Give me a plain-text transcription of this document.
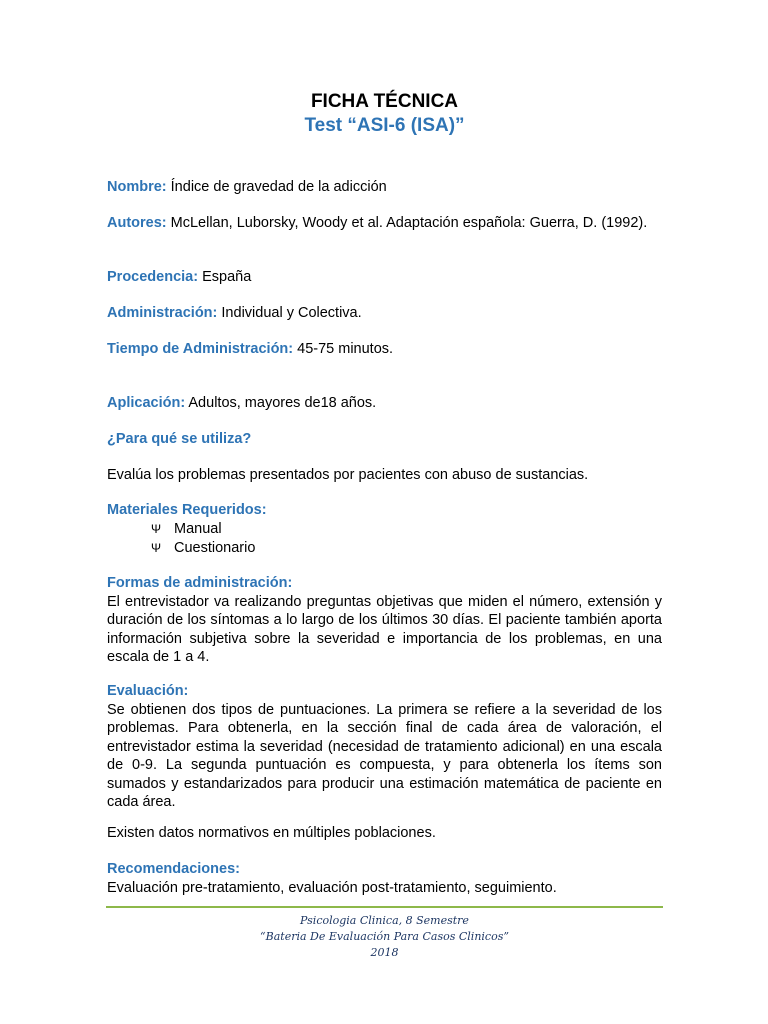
FICHA TÉCNICA
Test “ASI-6 (ISA)”
Nombre: Índice de gravedad de la adicción
Autores: McLellan, Luborsky, Woody et al. Adaptación española: Guerra, D. (1992).
Procedencia: España
Administración: Individual y Colectiva.
Tiempo de Administración: 45-75 minutos.
Aplicación: Adultos, mayores de18 años.
¿Para qué se utiliza?
Evalúa los problemas presentados por pacientes con abuso de sustancias.
Materiales Requeridos:
Ψ Manual
Ψ Cuestionario
Formas de administración:
El entrevistador va realizando preguntas objetivas que miden el número, extensión y duración de los síntomas a lo largo de los últimos 30 días. El paciente también aporta información subjetiva sobre la severidad e importancia de los problemas, en una escala de 1 a 4.
Evaluación:
Se obtienen dos tipos de puntuaciones. La primera se refiere a la severidad de los problemas. Para obtenerla, en la sección final de cada área de valoración, el entrevistador estima la severidad (necesidad de tratamiento adicional) en una escala de 0-9. La segunda puntuación es compuesta, y para obtenerla los ítems son sumados y estandarizados para producir una estimación matemática de paciente en cada área.
Existen datos normativos en múltiples poblaciones.
Recomendaciones:
Evaluación pre-tratamiento, evaluación post-tratamiento, seguimiento.
Psicologia Clinica, 8 Semestre
“Bateria De Evaluación Para Casos Clinicos”
2018
